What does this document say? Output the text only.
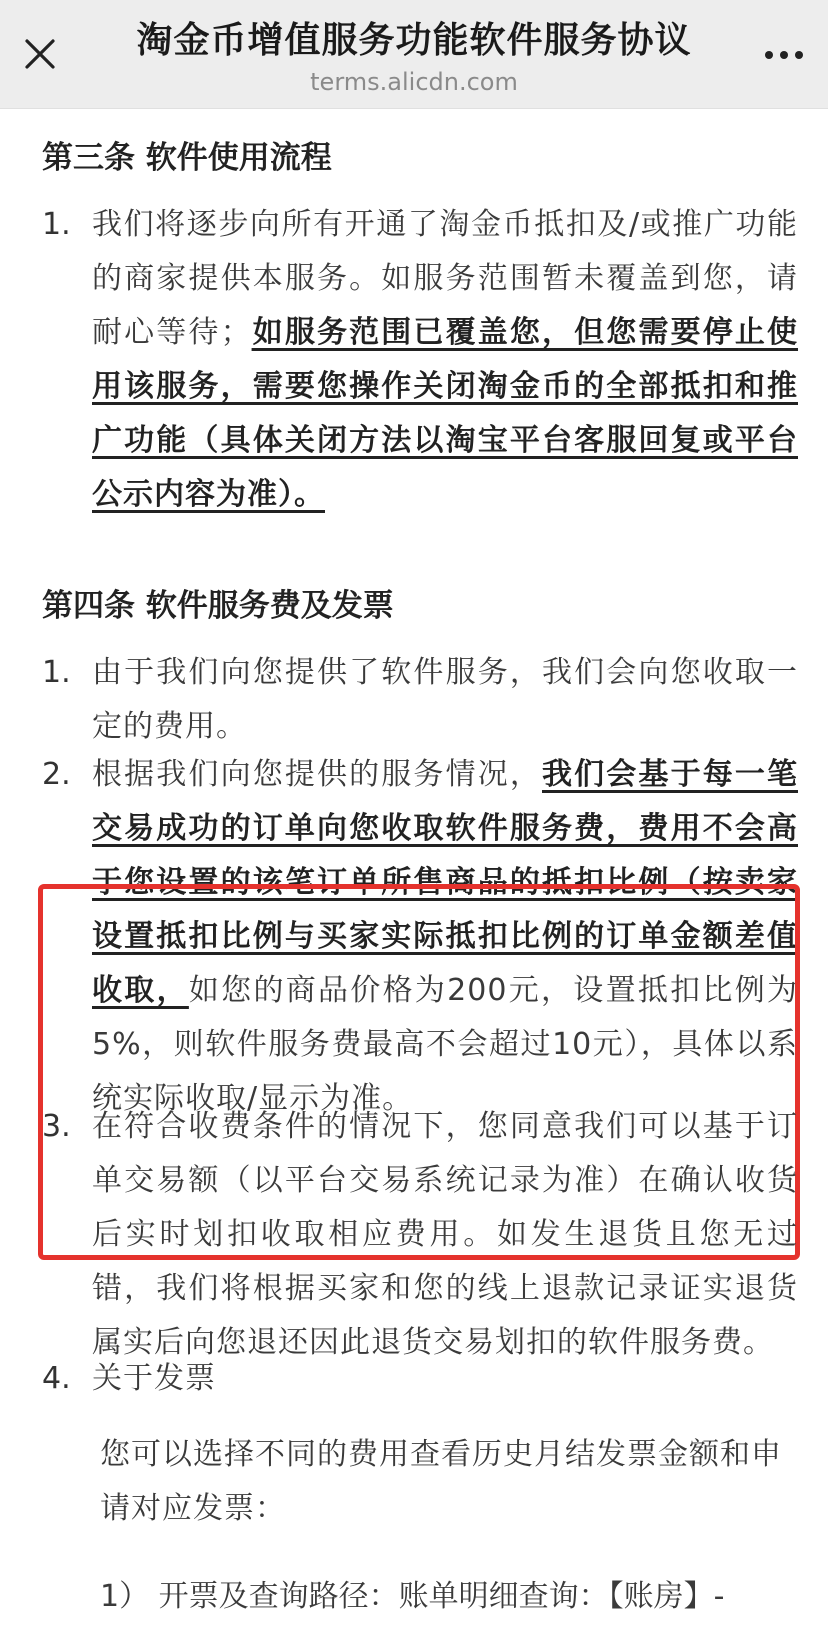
淘金币增值服务功能软件服务协议
terms.alicdn.com
第三条 软件使用流程
1. 我们将逐步向所有开通了淘金币抵扣及/或推广功能的商家提供本服务。如服务范围暂未覆盖到您，请耐心等待；如服务范围已覆盖您，但您需要停止使用该服务，需要您操作关闭淘金币的全部抵扣和推广功能（具体关闭方法以淘宝平台客服回复或平台公示内容为准）。
第四条 软件服务费及发票
1. 由于我们向您提供了软件服务，我们会向您收取一定的费用。
2. 根据我们向您提供的服务情况，我们会基于每一笔交易成功的订单向您收取软件服务费，费用不会高于您设置的该笔订单所售商品的抵扣比例（按卖家设置抵扣比例与买家实际抵扣比例的订单金额差值收取，如您的商品价格为200元，设置抵扣比例为5%，则软件服务费最高不会超过10元），具体以系统实际收取/显示为准。
3. 在符合收费条件的情况下，您同意我们可以基于订单交易额（以平台交易系统记录为准）在确认收货后实时划扣收取相应费用。如发生退货且您无过错，我们将根据买家和您的线上退款记录证实退货属实后向您退还因此退货交易划扣的软件服务费。
4. 关于发票
您可以选择不同的费用查看历史月结发票金额和申请对应发票：
1） 开票及查询路径：账单明细查询：【账房】-
